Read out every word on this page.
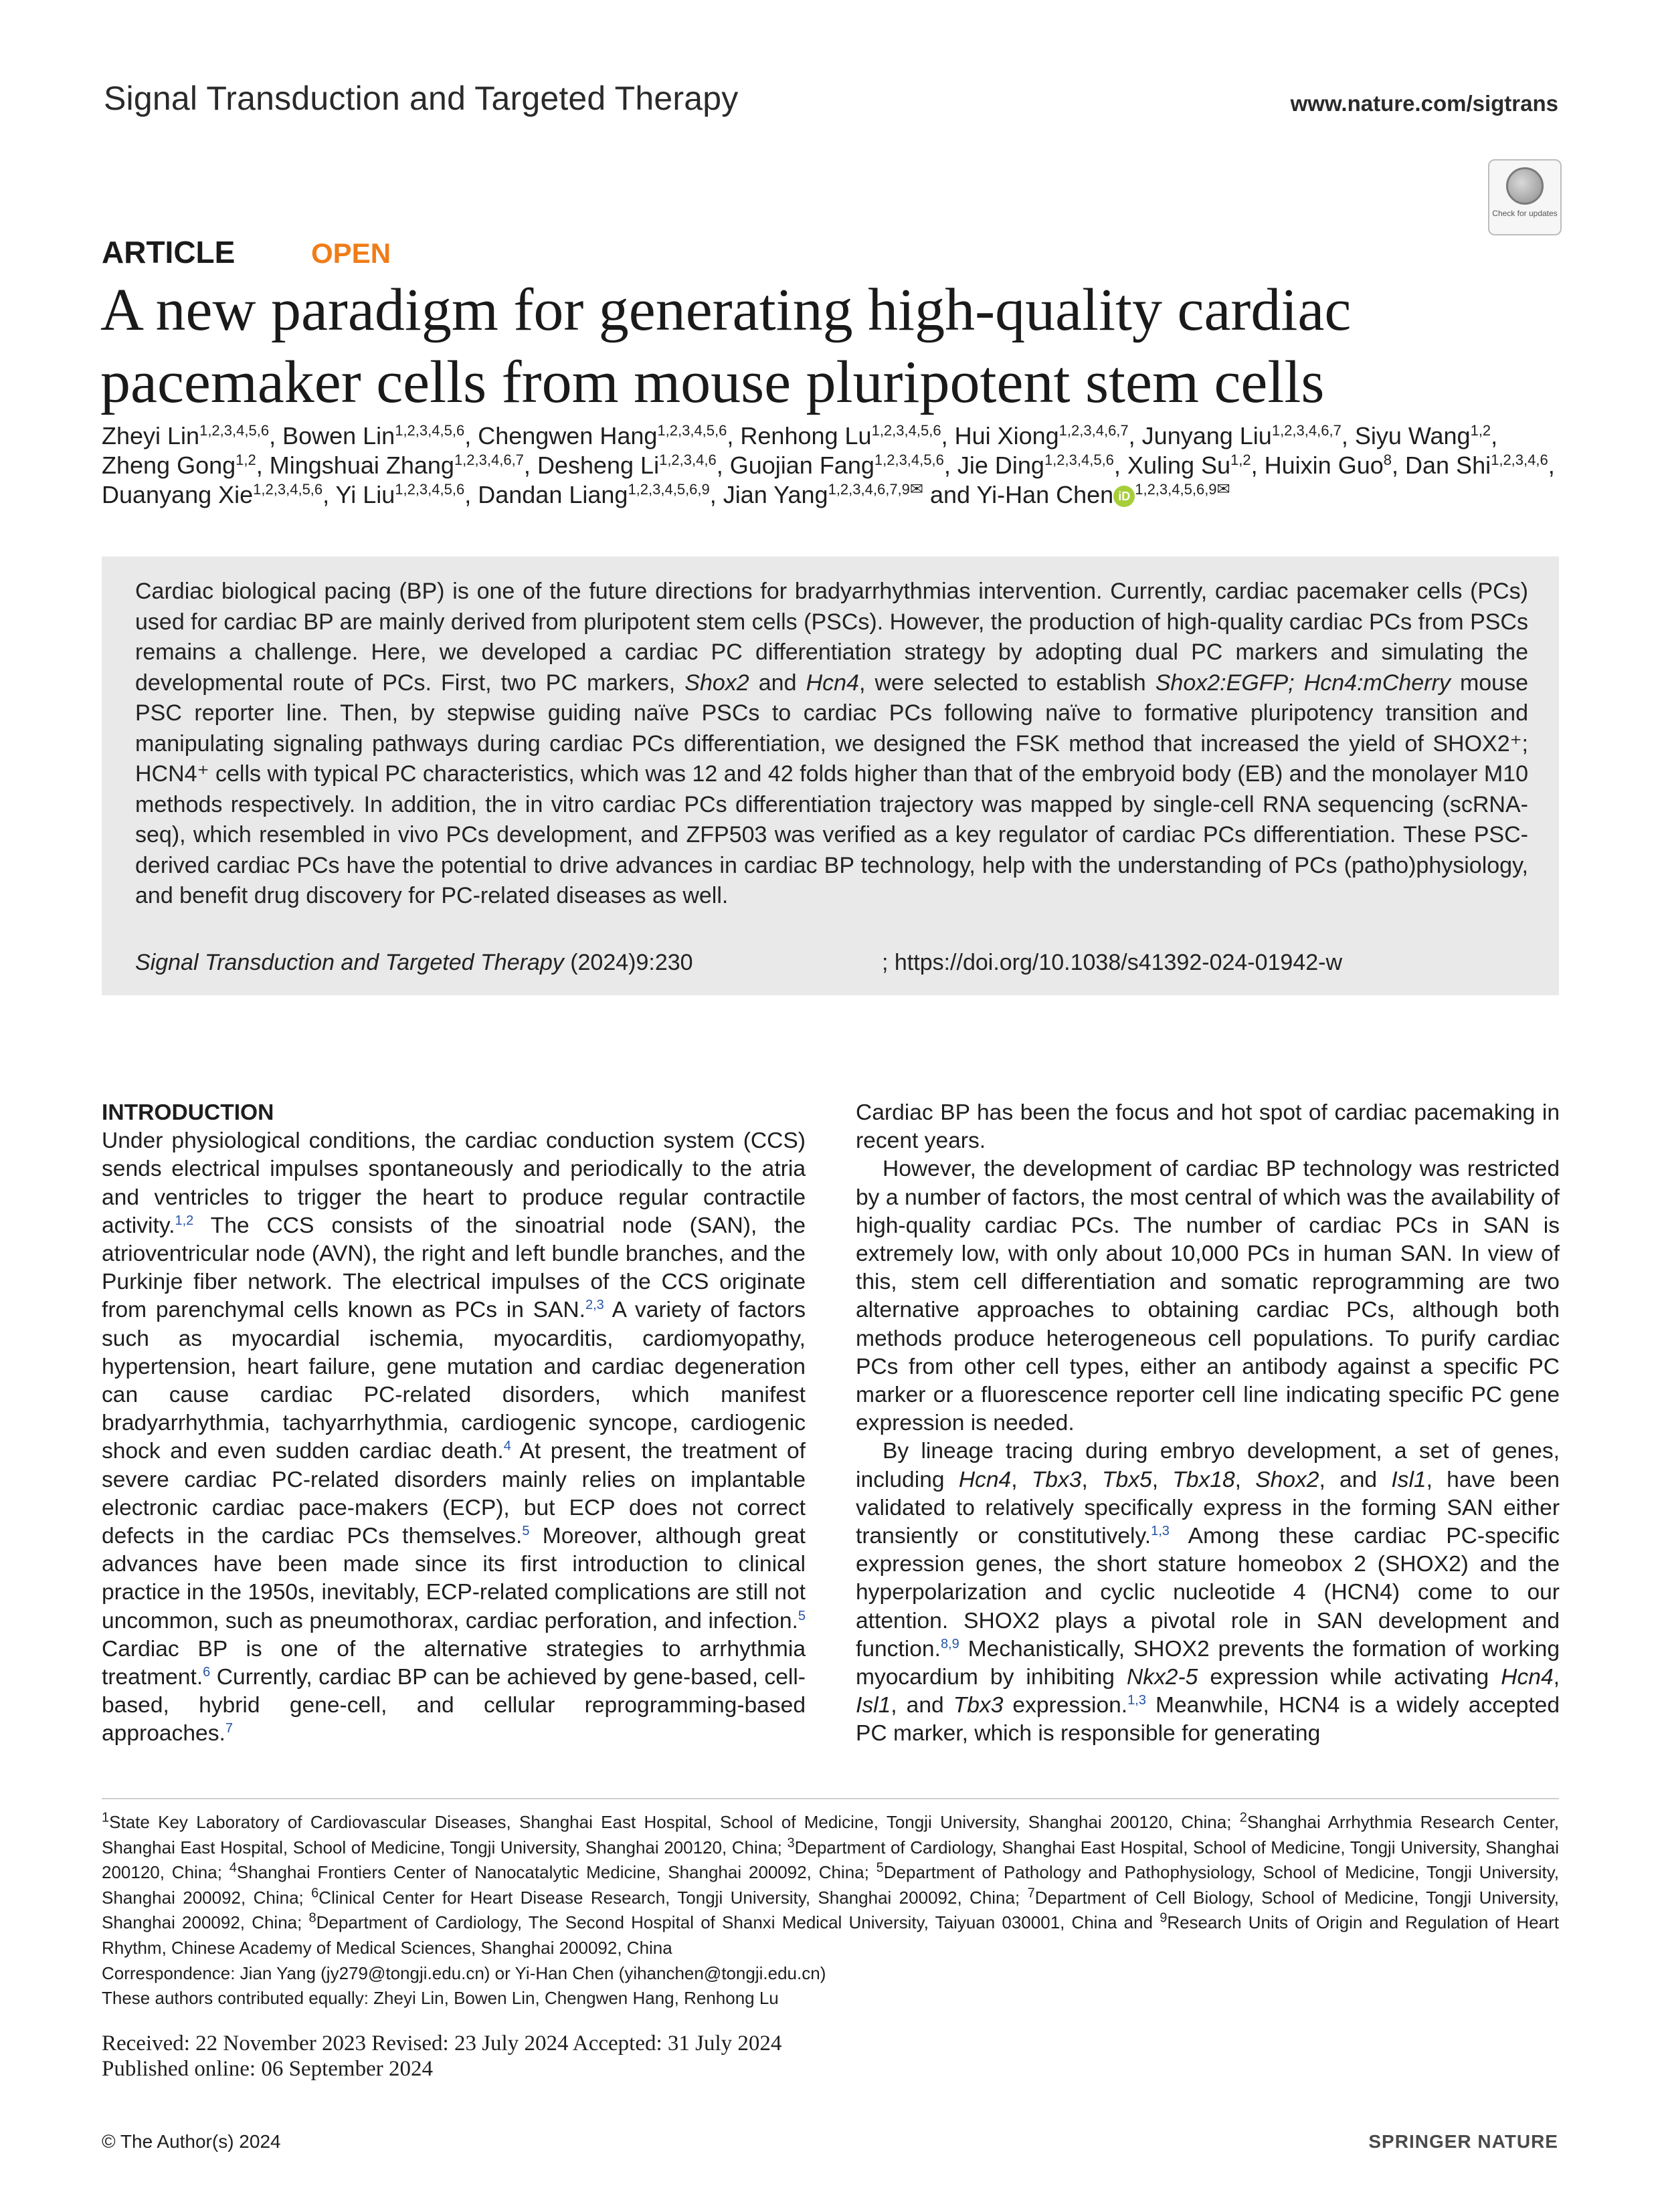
Signal Transduction and Targeted Therapy	www.nature.com/sigtrans
Check for updates
ARTICLE	OPEN
A new paradigm for generating high-quality cardiac pacemaker cells from mouse pluripotent stem cells
Zheyi Lin$^{1,2,3,4,5,6}$, Bowen Lin$^{1,2,3,4,5,6}$, Chengwen Hang$^{1,2,3,4,5,6}$, Renhong Lu$^{1,2,3,4,5,6}$, Hui Xiong$^{1,2,3,4,6,7}$, Junyang Liu$^{1,2,3,4,6,7}$, Siyu Wang$^{1,2}$, Zheng Gong$^{1,2}$, Mingshuai Zhang$^{1,2,3,4,6,7}$, Desheng Li$^{1,2,3,4,6}$, Guojian Fang$^{1,2,3,4,5,6}$, Jie Ding$^{1,2,3,4,5,6}$, Xuling Su$^{1,2}$, Huixin Guo$^8$, Dan Shi$^{1,2,3,4,6}$, Duanyang Xie$^{1,2,3,4,5,6}$, Yi Liu$^{1,2,3,4,5,6}$, Dandan Liang$^{1,2,3,4,5,6,9}$, Jian Yang$^{1,2,3,4,6,7,9✉}$ and Yi-Han Chen iD $^{1,2,3,4,5,6,9✉}$
Cardiac biological pacing (BP) is one of the future directions for bradyarrhythmias intervention. Currently, cardiac pacemaker cells (PCs) used for cardiac BP are mainly derived from pluripotent stem cells (PSCs). However, the production of high-quality cardiac PCs from PSCs remains a challenge. Here, we developed a cardiac PC differentiation strategy by adopting dual PC markers and simulating the developmental route of PCs. First, two PC markers, Shox2 and Hcn4, were selected to establish Shox2:EGFP; Hcn4:mCherry mouse PSC reporter line. Then, by stepwise guiding naïve PSCs to cardiac PCs following naïve to formative pluripotency transition and manipulating signaling pathways during cardiac PCs differentiation, we designed the FSK method that increased the yield of SHOX2⁺; HCN4⁺ cells with typical PC characteristics, which was 12 and 42 folds higher than that of the embryoid body (EB) and the monolayer M10 methods respectively. In addition, the in vitro cardiac PCs differentiation trajectory was mapped by single-cell RNA sequencing (scRNA-seq), which resembled in vivo PCs development, and ZFP503 was verified as a key regulator of cardiac PCs differentiation. These PSC-derived cardiac PCs have the potential to drive advances in cardiac BP technology, help with the understanding of PCs (patho)physiology, and benefit drug discovery for PC-related diseases as well.
Signal Transduction and Targeted Therapy (2024)9:230	; https://doi.org/10.1038/s41392-024-01942-w
INTRODUCTION

Under physiological conditions, the cardiac conduction system (CCS) sends electrical impulses spontaneously and periodically to the atria and ventricles to trigger the heart to produce regular contractile activity.$^{1,2}$ The CCS consists of the sinoatrial node (SAN), the atrioventricular node (AVN), the right and left bundle branches, and the Purkinje fiber network. The electrical impulses of the CCS originate from parenchymal cells known as PCs in SAN.$^{2,3}$ A variety of factors such as myocardial ischemia, myocarditis, cardiomyopathy, hypertension, heart failure, gene mutation and cardiac degeneration can cause cardiac PC-related disorders, which manifest bradyarrhythmia, tachyarrhythmia, cardiogenic syncope, cardiogenic shock and even sudden cardiac death.$^4$ At present, the treatment of severe cardiac PC-related disorders mainly relies on implantable electronic cardiac pace-makers (ECP), but ECP does not correct defects in the cardiac PCs themselves.$^5$ Moreover, although great advances have been made since its first introduction to clinical practice in the 1950s, inevitably, ECP-related complications are still not uncommon, such as pneumothorax, cardiac perforation, and infection.$^5$ Cardiac BP is one of the alternative strategies to arrhythmia treatment.$^6$ Currently, cardiac BP can be achieved by gene-based, cell-based, hybrid gene-cell, and cellular reprogramming-based approaches.$^7$

Cardiac BP has been the focus and hot spot of cardiac pacemaking in recent years.

However, the development of cardiac BP technology was restricted by a number of factors, the most central of which was the availability of high-quality cardiac PCs. The number of cardiac PCs in SAN is extremely low, with only about 10,000 PCs in human SAN. In view of this, stem cell differentiation and somatic reprogramming are two alternative approaches to obtaining cardiac PCs, although both methods produce heterogeneous cell populations. To purify cardiac PCs from other cell types, either an antibody against a specific PC marker or a fluorescence reporter cell line indicating specific PC gene expression is needed.

By lineage tracing during embryo development, a set of genes, including Hcn4, Tbx3, Tbx5, Tbx18, Shox2, and Isl1, have been validated to relatively specifically express in the forming SAN either transiently or constitutively.$^{1,3}$ Among these cardiac PC-specific expression genes, the short stature homeobox 2 (SHOX2) and the hyperpolarization and cyclic nucleotide 4 (HCN4) come to our attention. SHOX2 plays a pivotal role in SAN development and function.$^{8,9}$ Mechanistically, SHOX2 prevents the formation of working myocardium by inhibiting Nkx2-5 expression while activating Hcn4, Isl1, and Tbx3 expression.$^{1,3}$ Meanwhile, HCN4 is a widely accepted PC marker, which is responsible for generating

$^1$State Key Laboratory of Cardiovascular Diseases, Shanghai East Hospital, School of Medicine, Tongji University, Shanghai 200120, China; $^2$Shanghai Arrhythmia Research Center, Shanghai East Hospital, School of Medicine, Tongji University, Shanghai 200120, China; $^3$Department of Cardiology, Shanghai East Hospital, School of Medicine, Tongji University, Shanghai 200120, China; $^4$Shanghai Frontiers Center of Nanocatalytic Medicine, Shanghai 200092, China; $^5$Department of Pathology and Pathophysiology, School of Medicine, Tongji University, Shanghai 200092, China; $^6$Clinical Center for Heart Disease Research, Tongji University, Shanghai 200092, China; $^7$Department of Cell Biology, School of Medicine, Tongji University, Shanghai 200092, China; $^8$Department of Cardiology, The Second Hospital of Shanxi Medical University, Taiyuan 030001, China and $^9$Research Units of Origin and Regulation of Heart Rhythm, Chinese Academy of Medical Sciences, Shanghai 200092, China
Correspondence: Jian Yang (jy279@tongji.edu.cn) or Yi-Han Chen (yihanchen@tongji.edu.cn)
These authors contributed equally: Zheyi Lin, Bowen Lin, Chengwen Hang, Renhong Lu
Received: 22 November 2023 Revised: 23 July 2024 Accepted: 31 July 2024
Published online: 06 September 2024
© The Author(s) 2024	SPRINGER NATURE
